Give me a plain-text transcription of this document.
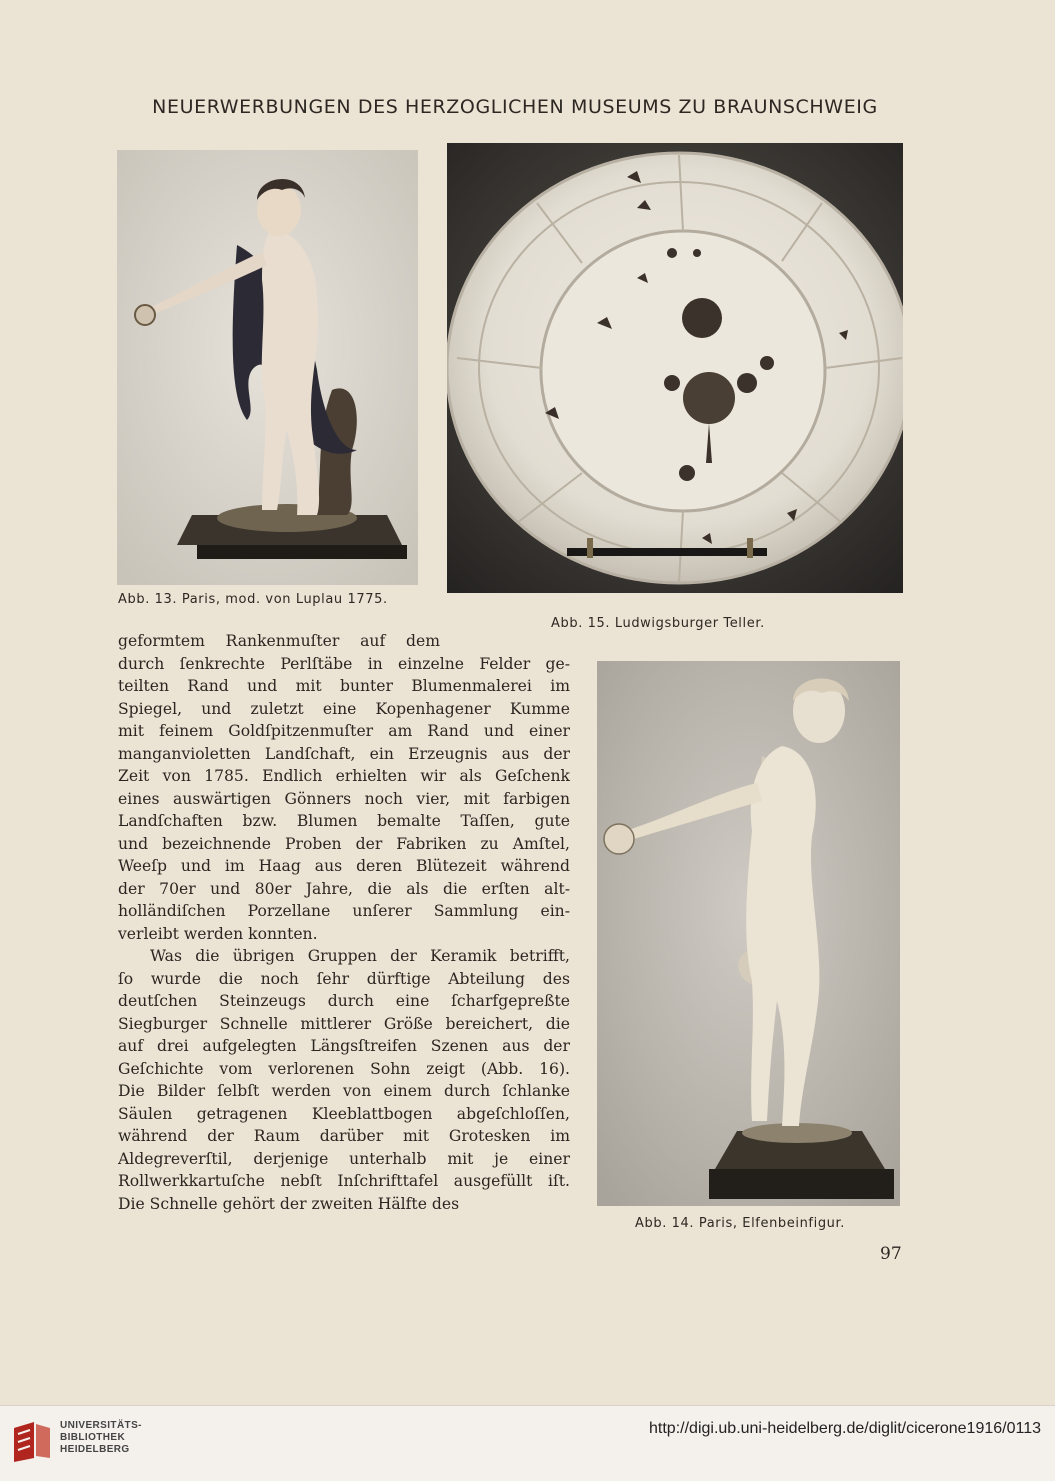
NEUERWERBUNGEN DES HERZOGLICHEN MUSEUMS ZU BRAUNSCHWEIG
Abb. 13. Paris, mod. von Luplau 1775.
Abb. 15. Ludwigsburger Teller.
geformtem Rankenmuſter auf dem
durch ſenkrechte Perlſtäbe in einzelne Felder ge-
teilten Rand und mit bunter Blumenmalerei im
Spiegel, und zuletzt eine Kopenhagener Kumme
mit feinem Goldſpitzenmuſter am Rand und einer
manganvioletten Landſchaft, ein Erzeugnis aus der
Zeit von 1785. Endlich erhielten wir als Geſchenk
eines auswärtigen Gönners noch vier, mit farbigen
Landſchaften bzw. Blumen bemalte Taſſen, gute
und bezeichnende Proben der Fabriken zu Amſtel,
Weeſp und im Haag aus deren Blütezeit während
der 70er und 80er Jahre, die als die erſten alt-
holländiſchen Porzellane unſerer Sammlung ein-
verleibt werden konnten.
Was die übrigen Gruppen der Keramik betrifft,
ſo wurde die noch ſehr dürftige Abteilung des
deutſchen Steinzeugs durch eine ſcharfgepreßte
Siegburger Schnelle mittlerer Größe bereichert, die
auf drei aufgelegten Längsſtreifen Szenen aus der
Geſchichte vom verlorenen Sohn zeigt (Abb. 16).
Die Bilder ſelbſt werden von einem durch ſchlanke
Säulen getragenen Kleeblattbogen abgeſchloſſen,
während der Raum darüber mit Grotesken im
Aldegreverſtil, derjenige unterhalb mit je einer
Rollwerkkartuſche nebſt Inſchrifttafel ausgefüllt iſt.
Die Schnelle gehört der zweiten Hälfte des
Abb. 14. Paris, Elfenbeinfigur.
97
UNIVERSITÄTS-
BIBLIOTHEK
HEIDELBERG
http://digi.ub.uni-heidelberg.de/diglit/cicerone1916/0113
